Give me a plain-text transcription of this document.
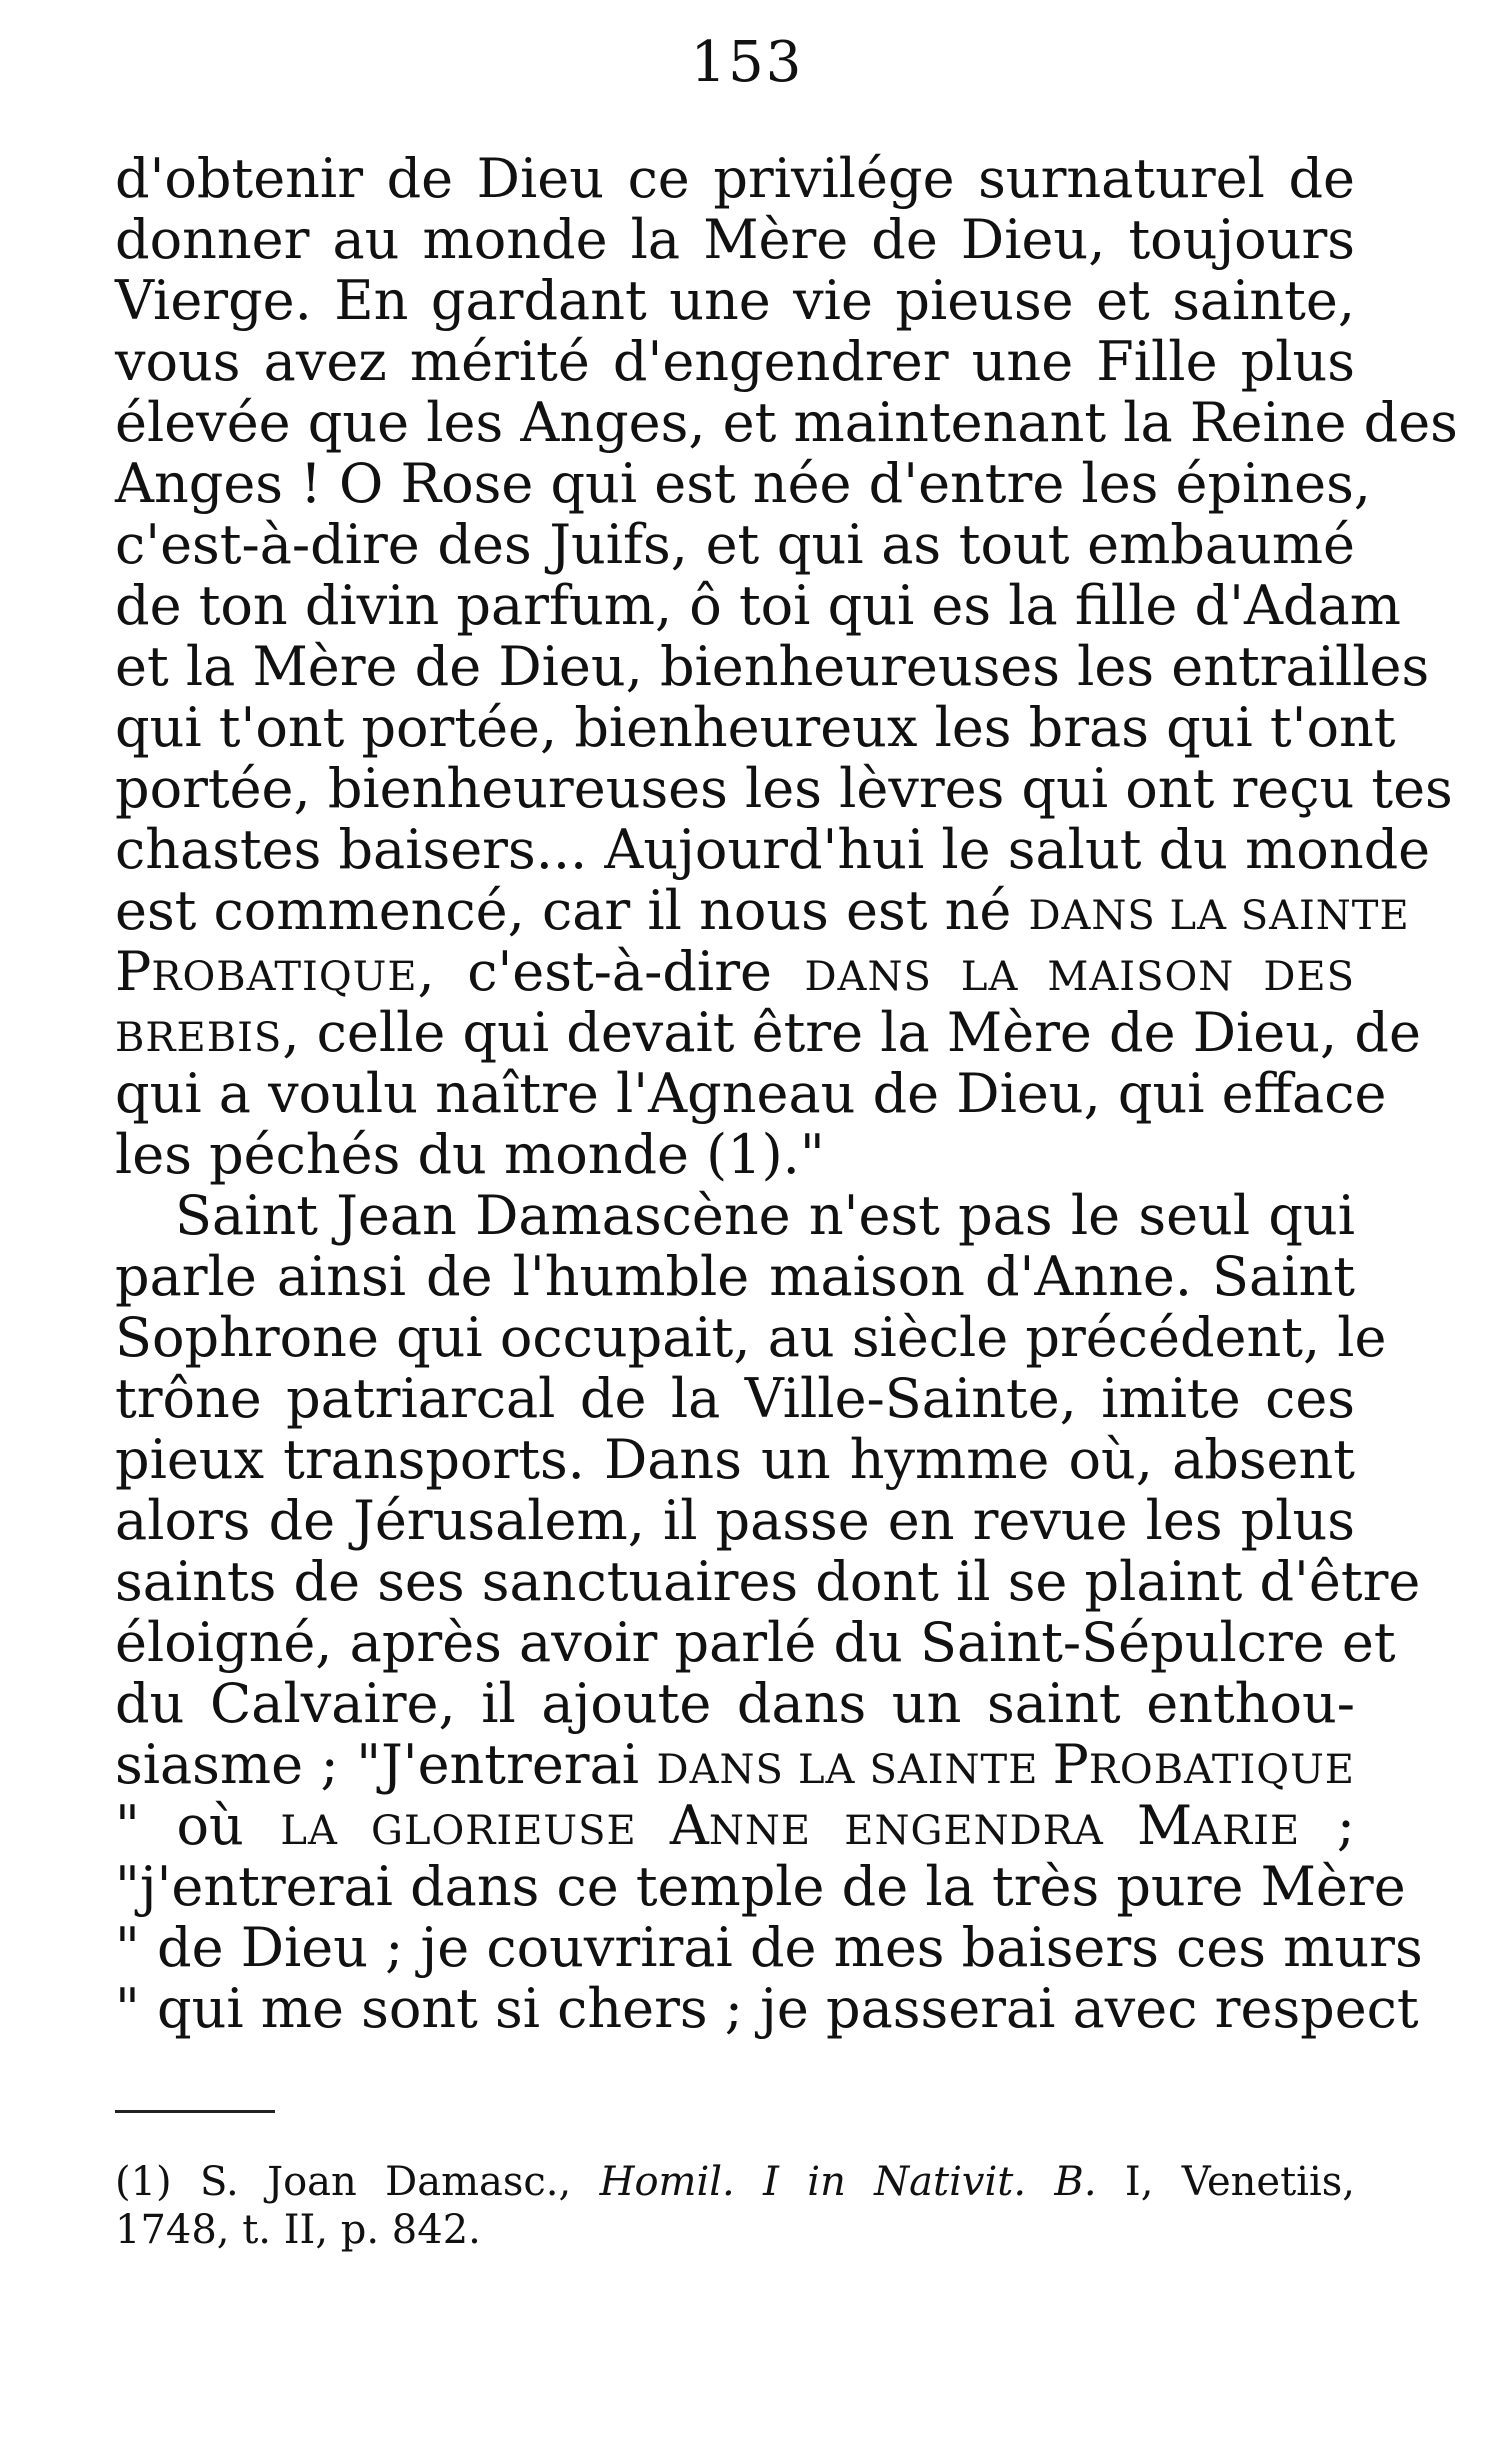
153
d'obtenir de Dieu ce privilége surnaturel de
donner au monde la Mère de Dieu, toujours
Vierge. En gardant une vie pieuse et sainte,
vous avez mérité d'engendrer une Fille plus
élevée que les Anges, et maintenant la Reine des
Anges ! O Rose qui est née d'entre les épines,
c'est-à-dire des Juifs, et qui as tout embaumé
de ton divin parfum, ô toi qui es la fille d'Adam
et la Mère de Dieu, bienheureuses les entrailles
qui t'ont portée, bienheureux les bras qui t'ont
portée, bienheureuses les lèvres qui ont reçu tes
chastes baisers... Aujourd'hui le salut du monde
est commencé, car il nous est né DANS LA SAINTE
PROBATIQUE, c'est-à-dire DANS LA MAISON DES
BREBIS, celle qui devait être la Mère de Dieu, de
qui a voulu naître l'Agneau de Dieu, qui efface
les péchés du monde (1)."
Saint Jean Damascène n'est pas le seul qui
parle ainsi de l'humble maison d'Anne. Saint
Sophrone qui occupait, au siècle précédent, le
trône patriarcal de la Ville-Sainte, imite ces
pieux transports. Dans un hymme où, absent
alors de Jérusalem, il passe en revue les plus
saints de ses sanctuaires dont il se plaint d'être
éloigné, après avoir parlé du Saint-Sépulcre et
du Calvaire, il ajoute dans un saint enthou-
siasme ; "J'entrerai DANS LA SAINTE PROBATIQUE
" où LA GLORIEUSE ANNE ENGENDRA MARIE ;
"j'entrerai dans ce temple de la très pure Mère
" de Dieu ; je couvrirai de mes baisers ces murs
" qui me sont si chers ; je passerai avec respect
(1) S. Joan Damasc., Homil. I in Nativit. B. I, Venetiis,
1748, t. II, p. 842.
